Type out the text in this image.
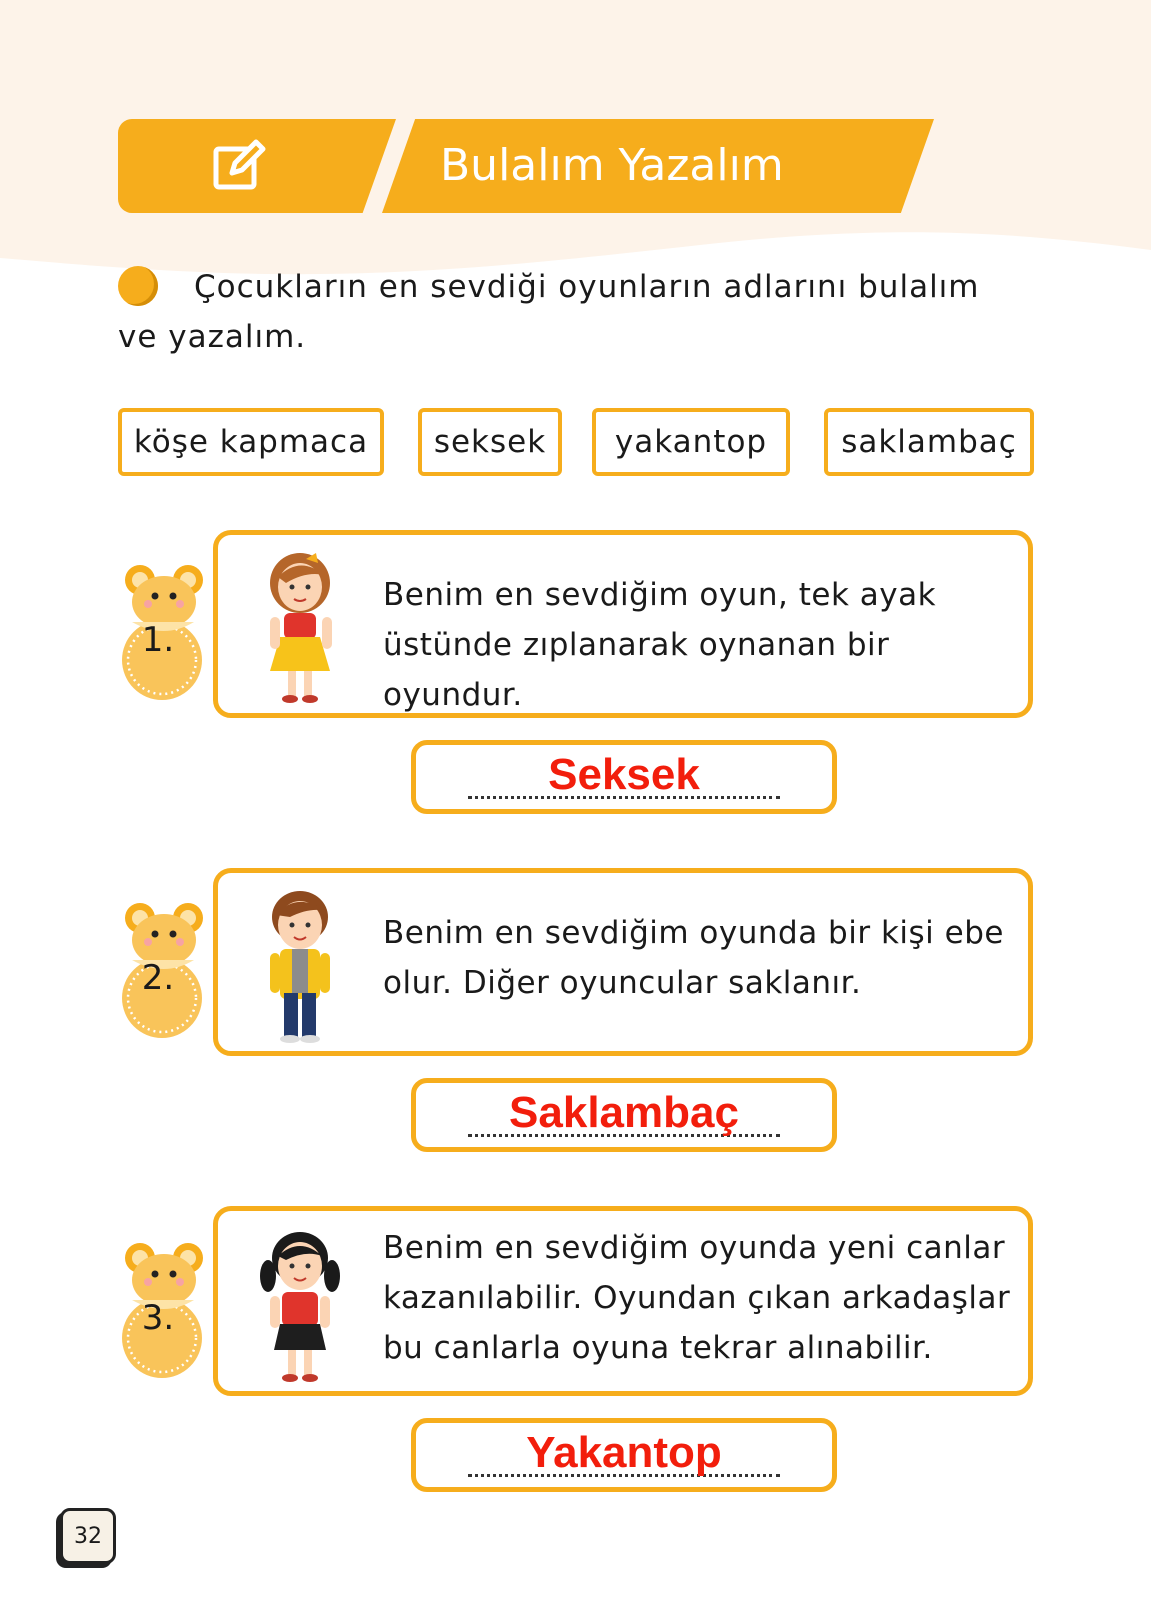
Bulalım Yazalım
Çocukların en sevdiği oyunların adlarını bulalım ve yazalım.
köşe kapmaca seksek yakantop saklambaç
1.
Benim en sevdiğim oyun, tek ayak üstünde zıplanarak oynanan bir oyundur.
Seksek
2.
Benim en sevdiğim oyunda bir kişi ebe olur. Diğer oyuncular saklanır.
Saklambaç
3.
Benim en sevdiğim oyunda yeni canlar kazanılabilir. Oyundan çıkan arkadaşlar bu canlarla oyuna tekrar alınabilir.
Yakantop
32
